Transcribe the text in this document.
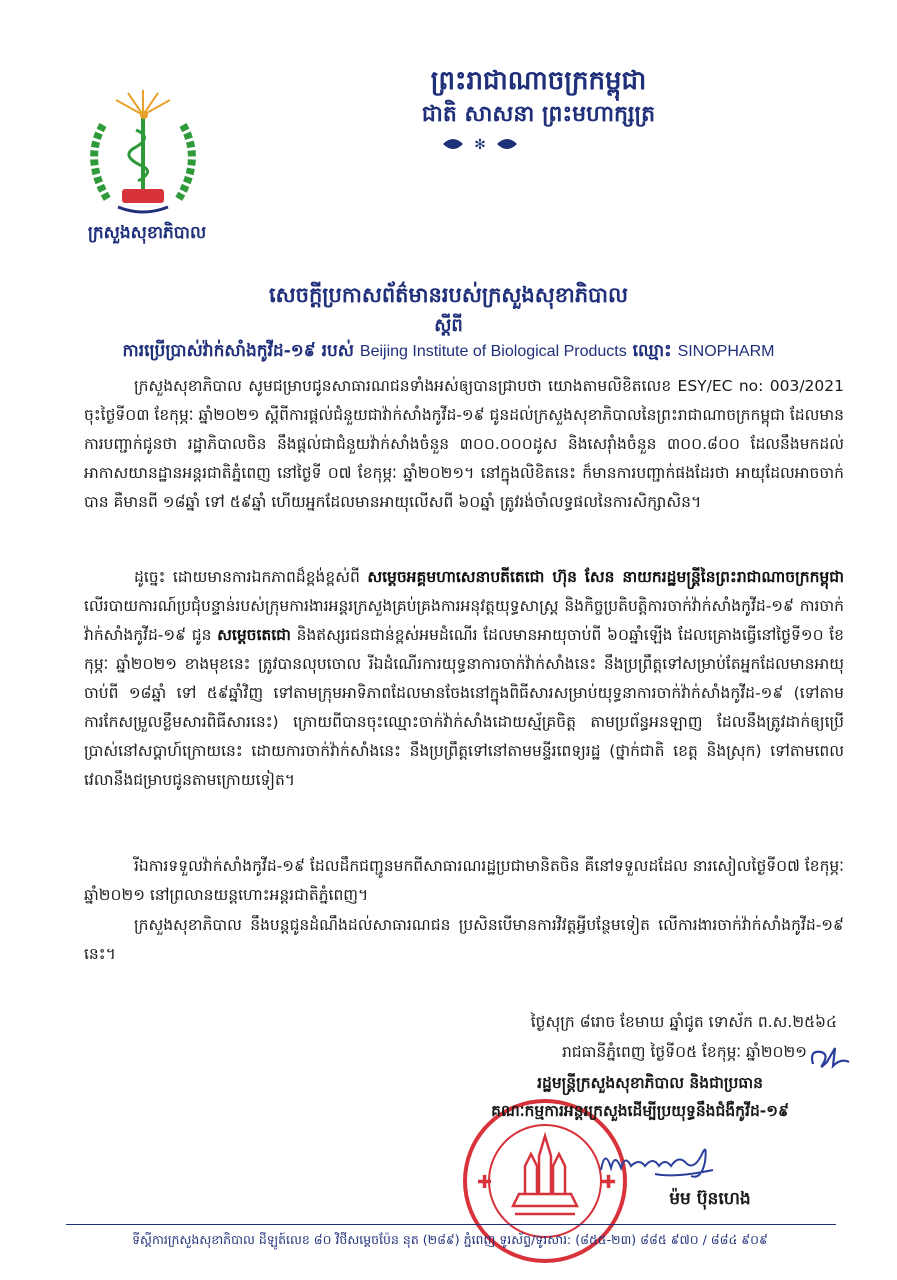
ក្រសួងសុខាភិបាល
ព្រះរាជាណាចក្រកម្ពុជា
ជាតិ សាសនា ព្រះមហាក្សត្រ
✻
សេចក្តីប្រកាសព័ត៌មានរបស់ក្រសួងសុខាភិបាល
ស្តីពី
ការប្រើប្រាស់វ៉ាក់សាំងកូវីដ-១៩ របស់ Beijing Institute of Biological Products ឈ្មោះ SINOPHARM
ក្រសួងសុខាភិបាល សូមជម្រាបជូនសាធារណជនទាំងអស់ឲ្យបានជ្រាបថា យោងតាមលិខិតលេខ ESY/EC no: 003/2021 ចុះថ្ងៃទី០៣ ខែកុម្ភៈ ឆ្នាំ២០២១ ស្តីពីការផ្តល់ជំនួយជាវ៉ាក់សាំងកូវីដ-១៩ ជូនដល់ក្រសួងសុខាភិបាលនៃព្រះរាជាណាចក្រកម្ពុជា ដែលមានការបញ្ជាក់ជូនថា រដ្ឋាភិបាលចិន នឹងផ្តល់ជាជំនួយវ៉ាក់សាំងចំនួន ៣០០.០០០ដូស និងសេរ៉ាំងចំនួន ៣០០.៨០០ ដែលនឹងមកដល់អាកាសយានដ្ឋានអន្តរជាតិភ្នំពេញ នៅថ្ងៃទី ០៧ ខែកុម្ភៈ ឆ្នាំ២០២១។ នៅក្នុងលិខិតនេះ ក៏មានការបញ្ជាក់ផងដែរថា អាយុដែលអាចចាក់បាន គឺមានពី ១៨ឆ្នាំ ទៅ ៥៩ឆ្នាំ ហើយអ្នកដែលមានអាយុលើសពី ៦០ឆ្នាំ ត្រូវរង់ចាំលទ្ធផលនៃការសិក្សាសិន។
ដូច្នេះ ដោយមានការឯកភាពដ៏ខ្ពង់ខ្ពស់ពី សម្តេចអគ្គមហាសេនាបតីតេជោ ហ៊ុន សែន នាយករដ្ឋមន្ត្រីនៃព្រះរាជាណាចក្រកម្ពុជា លើរបាយការណ៍ប្រជុំបន្ទាន់របស់ក្រុមការងារអន្តរក្រសួងគ្រប់គ្រងការអនុវត្តយុទ្ធសាស្ត្រ និងកិច្ចប្រតិបត្តិការចាក់វ៉ាក់សាំងកូវីដ-១៩ ការចាក់វ៉ាក់សាំងកូវីដ-១៩ ជូន សម្តេចតេជោ និងឥស្សរជនជាន់ខ្ពស់អមដំណើរ ដែលមានអាយុចាប់ពី ៦០ឆ្នាំឡើង ដែលគ្រោងធ្វើនៅថ្ងៃទី១០ ខែកុម្ភៈ ឆ្នាំ២០២១ ខាងមុខនេះ ត្រូវបានលុបចោល រីឯដំណើរការយុទ្ធនាការចាក់វ៉ាក់សាំងនេះ នឹងប្រព្រឹត្តទៅសម្រាប់តែអ្នកដែលមានអាយុចាប់ពី ១៨ឆ្នាំ ទៅ ៥៩ឆ្នាំវិញ ទៅតាមក្រុមអាទិភាពដែលមានចែងនៅក្នុងពិធីសារសម្រាប់យុទ្ធនាការចាក់វ៉ាក់សាំងកូវីដ-១៩ (ទៅតាមការកែសម្រួលខ្លឹមសារពិធីសារនេះ) ក្រោយពីបានចុះឈ្មោះចាក់វ៉ាក់សាំងដោយស្ម័គ្រចិត្ត តាមប្រព័ន្ធអនឡាញ ដែលនឹងត្រូវដាក់ឲ្យប្រើប្រាស់នៅសប្តាហ៍ក្រោយនេះ ដោយការចាក់វ៉ាក់សាំងនេះ នឹងប្រព្រឹត្តទៅនៅតាមមន្ទីរពេទ្យរដ្ឋ (ថ្នាក់ជាតិ ខេត្ត និងស្រុក) ទៅតាមពេលវេលានឹងជម្រាបជូនតាមក្រោយទៀត។
រីឯការទទួលវ៉ាក់សាំងកូវីដ-១៩ ដែលដឹកជញ្ជូនមកពីសាធារណរដ្ឋប្រជាមានិតចិន គឺនៅទទួលដដែល នារសៀលថ្ងៃទី០៧ ខែកុម្ភៈ ឆ្នាំ២០២១ នៅព្រលានយន្តហោះអន្តរជាតិភ្នំពេញ។
ក្រសួងសុខាភិបាល នឹងបន្តជូនដំណឹងដល់សាធារណជន ប្រសិនបើមានការវិវត្តអ្វីបន្ថែមទៀត លើការងារចាក់វ៉ាក់សាំងកូវីដ-១៩ នេះ។
ថ្ងៃសុក្រ ៨រោច ខែមាឃ ឆ្នាំជូត ទោស័ក ព.ស.២៥៦៤
រាជធានីភ្នំពេញ ថ្ងៃទី០៥ ខែកុម្ភៈ ឆ្នាំ២០២១
✚	✚
រដ្ឋមន្ត្រីក្រសួងសុខាភិបាល និងជាប្រធាន
គណៈកម្មការអន្តរក្រសួងដើម្បីប្រយុទ្ធនឹងជំងឺកូវីដ-១៩
ម៉ម ប៊ុនហេង
ទីស្តីការក្រសួងសុខាភិបាល ដីឡូត៍លេខ ៨០ វិថីសម្តេចប៉ែន នុត (២៨៩) ភ្នំពេញ ទូរស័ព្ទ/ទូរសារ: (៨៥៥-២៣) ៨៨៥ ៩៧០ / ៨៨៤ ៩០៩
